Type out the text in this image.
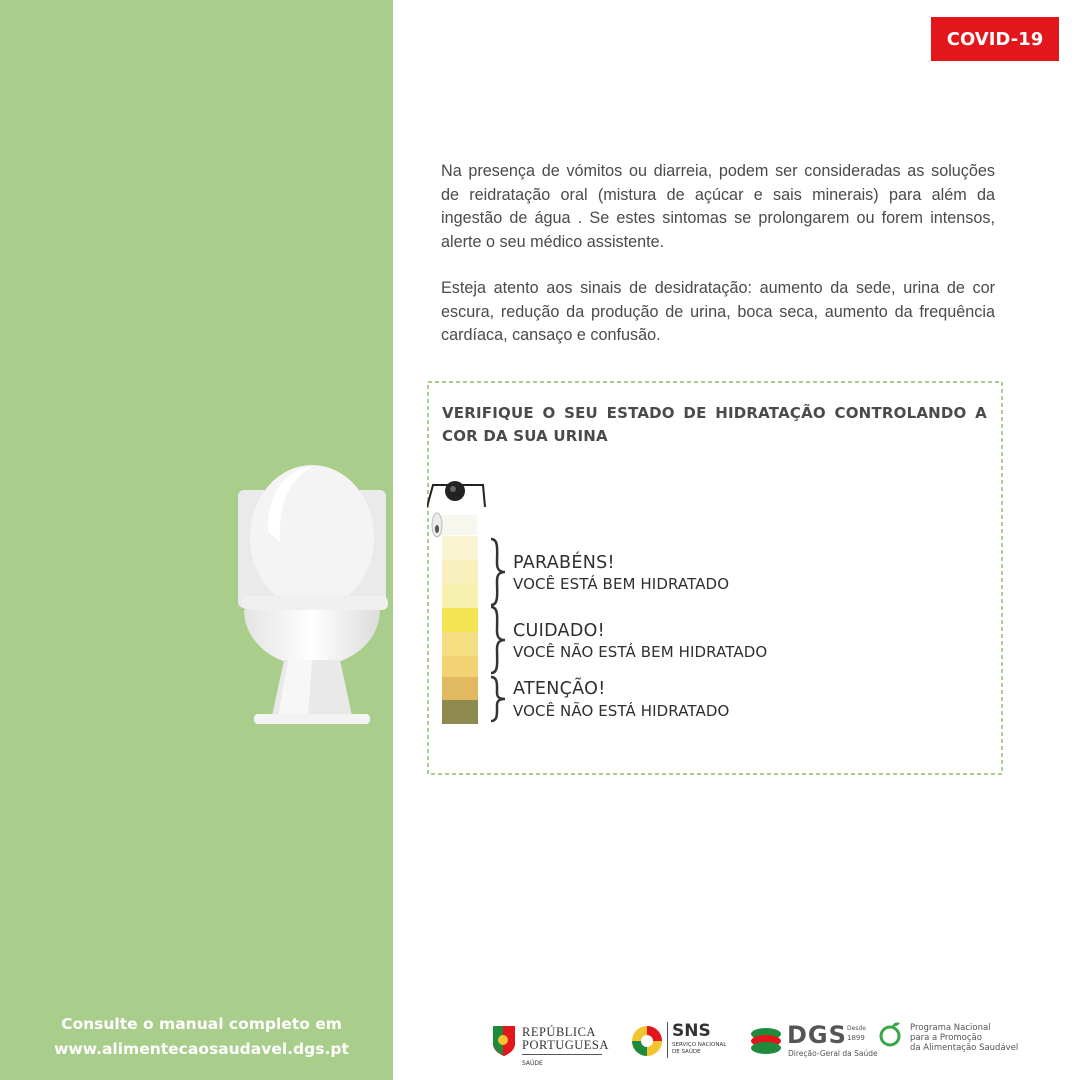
COVID-19

Na presença de vómitos ou diarreia, podem ser consideradas as soluções de reidratação oral (mistura de açúcar e sais minerais) para além da ingestão de água . Se estes sintomas se prolongarem ou forem intensos, alerte o seu médico assistente.

Esteja atento aos sinais de desidratação: aumento da sede, urina de cor escura, redução da produção de urina, boca seca, aumento da frequência cardíaca, cansaço e confusão.

VERIFIQUE O SEU ESTADO DE HIDRATAÇÃO CONTROLANDO A COR DA SUA URINA

PARABÉNS!
VOCÊ ESTÁ BEM HIDRATADO
CUIDADO!
VOCÊ NÃO ESTÁ BEM HIDRATADO
ATENÇÃO!
VOCÊ NÃO ESTÁ HIDRATADO
Consulte o manual completo em
www.alimentecaosaudavel.dgs.pt
REPÚBLICA
PORTUGUESA
SAÚDE
SNS
SERVIÇO NACIONAL
DE SAÚDE
DGS Desde
1899
Direção-Geral da Saúde
Programa Nacional
para a Promoção
da Alimentação Saudável
